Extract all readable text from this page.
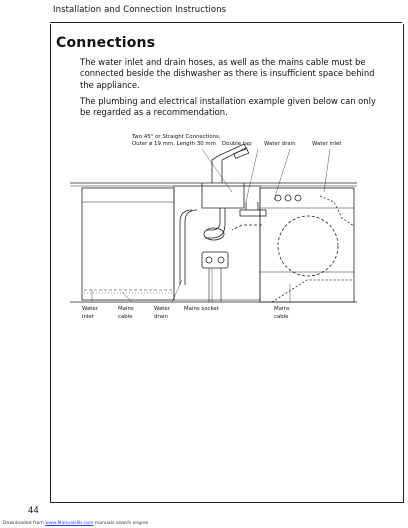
Installation and Connection Instructions
Connections
The water inlet and drain hoses, as well as the mains cable must be connected beside the dishwasher as there is insufficient space behind the appliance.
The plumbing and electrical installation example given below can only be regarded as a recommendation.
Two 45° or Straight Connections,
Outer ø 19 mm, Length 30 mm Double tap Water drain	Water inlet
Water
inlet
Mains
cable
Water
drain
Mains socket	Mains
cable
44
Downloaded from www.Manualslib.com manuals search engine
